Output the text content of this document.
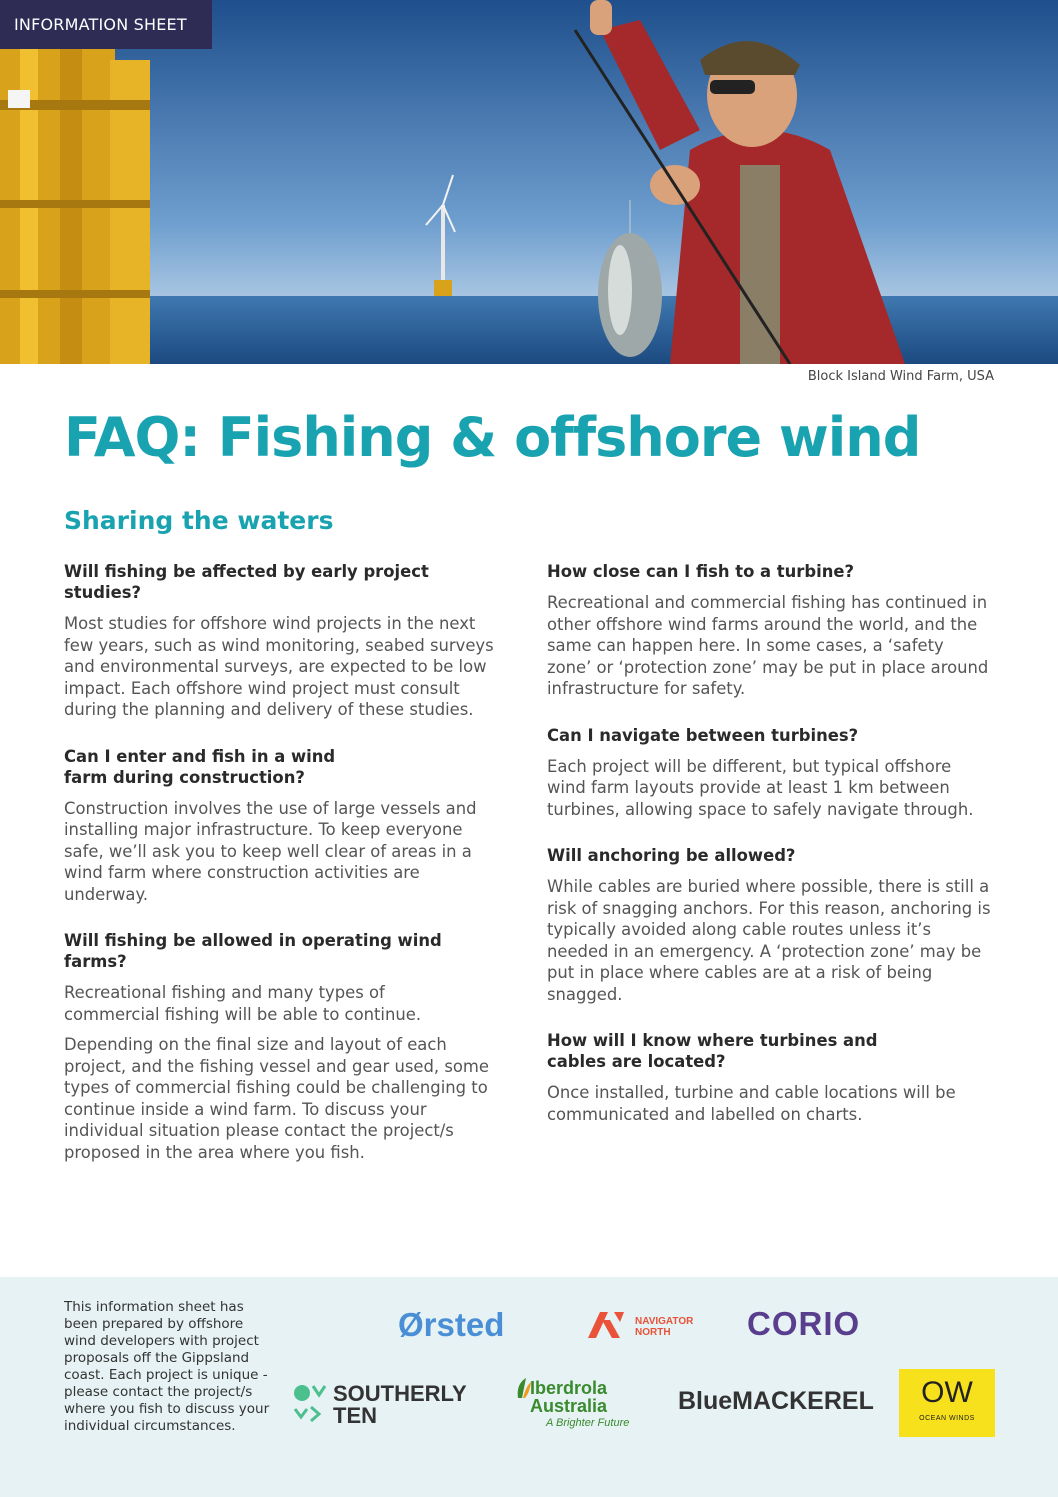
INFORMATION SHEET
Block Island Wind Farm, USA
FAQ: Fishing & offshore wind
Sharing the waters
Will fishing be affected by early project studies?
Most studies for offshore wind projects in the next few years, such as wind monitoring, seabed surveys and environmental surveys, are expected to be low impact. Each offshore wind project must consult during the planning and delivery of these studies.
Can I enter and fish in a wind farm during construction?
Construction involves the use of large vessels and installing major infrastructure. To keep everyone safe, we’ll ask you to keep well clear of areas in a wind farm where construction activities are underway.
Will fishing be allowed in operating wind farms?
Recreational fishing and many types of commercial fishing will be able to continue.
Depending on the final size and layout of each project, and the fishing vessel and gear used, some types of commercial fishing could be challenging to continue inside a wind farm. To discuss your individual situation please contact the project/s proposed in the area where you fish.
How close can I fish to a turbine?
Recreational and commercial fishing has continued in other offshore wind farms around the world, and the same can happen here. In some cases, a ‘safety zone’ or ‘protection zone’ may be put in place around infrastructure for safety.
Can I navigate between turbines?
Each project will be different, but typical offshore wind farm layouts provide at least 1 km between turbines, allowing space to safely navigate through.
Will anchoring be allowed?
While cables are buried where possible, there is still a risk of snagging anchors. For this reason, anchoring is typically avoided along cable routes unless it’s needed in an emergency. A ‘protection zone’ may be put in place where cables are at a risk of being snagged.
How will I know where turbines and cables are located?
Once installed, turbine and cable locations will be communicated and labelled on charts.
This information sheet has been prepared by offshore wind developers with project proposals off the Gippsland coast. Each project is unique - please contact the project/s where you fish to discuss your individual circumstances.
Ørsted	NAVIGATOR
NORTH CORIO
SOUTHERLY
TEN
Iberdrola
Australia
A Brighter Future
BlueMACKEREL	OW
OCEAN WINDS
